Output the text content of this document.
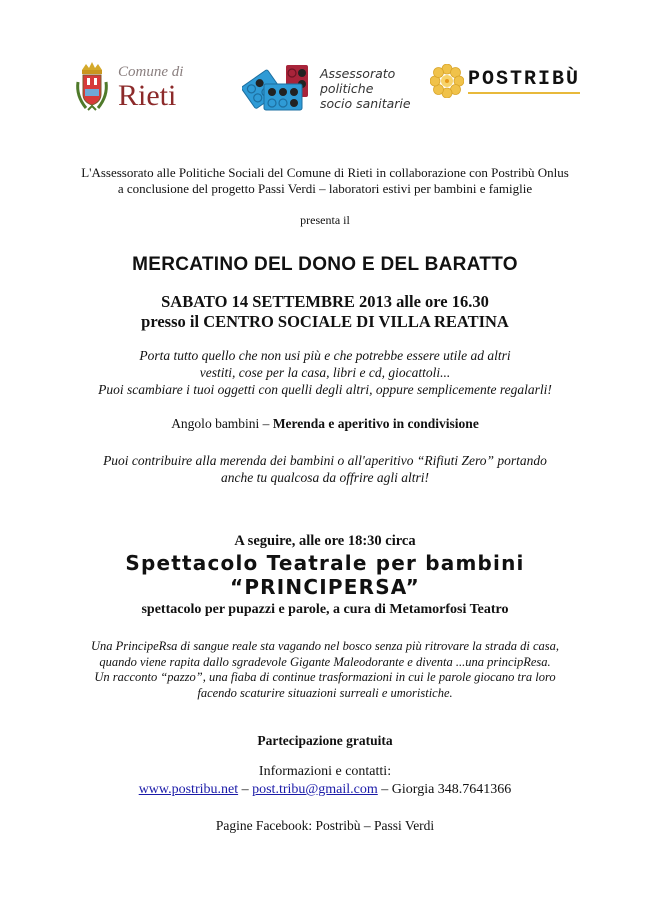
Comune di
Rieti
Assessorato
politiche
socio sanitarie
POSTRIBÙ
L'Assessorato alle Politiche Sociali del Comune di Rieti in collaborazione con Postribù Onlus
a conclusione del progetto Passi Verdi – laboratori estivi per bambini e famiglie
presenta il
MERCATINO DEL DONO E DEL BARATTO
SABATO 14 SETTEMBRE 2013 alle ore 16.30
presso il CENTRO SOCIALE DI VILLA REATINA
Porta tutto quello che non usi più e che potrebbe essere utile ad altri
vestiti, cose per la casa, libri e cd, giocattoli...
Puoi scambiare i tuoi oggetti con quelli degli altri, oppure semplicemente regalarli!
Angolo bambini – Merenda e aperitivo in condivisione
Puoi contribuire alla merenda dei bambini o all'aperitivo “Rifiuti Zero” portando
anche tu qualcosa da offrire agli altri!
A seguire, alle ore 18:30 circa
Spettacolo Teatrale per bambini
“PRINCIPERSA”
spettacolo per pupazzi e parole, a cura di Metamorfosi Teatro
Una PrincipeRsa di sangue reale sta vagando nel bosco senza più ritrovare la strada di casa,
quando viene rapita dallo sgradevole Gigante Maleodorante e diventa ...una principResa.
Un racconto “pazzo”, una fiaba di continue trasformazioni in cui le parole giocano tra loro
facendo scaturire situazioni surreali e umoristiche.
Partecipazione gratuita
Informazioni e contatti:
www.postribu.net – post.tribu@gmail.com – Giorgia 348.7641366
Pagine Facebook: Postribù – Passi Verdi
